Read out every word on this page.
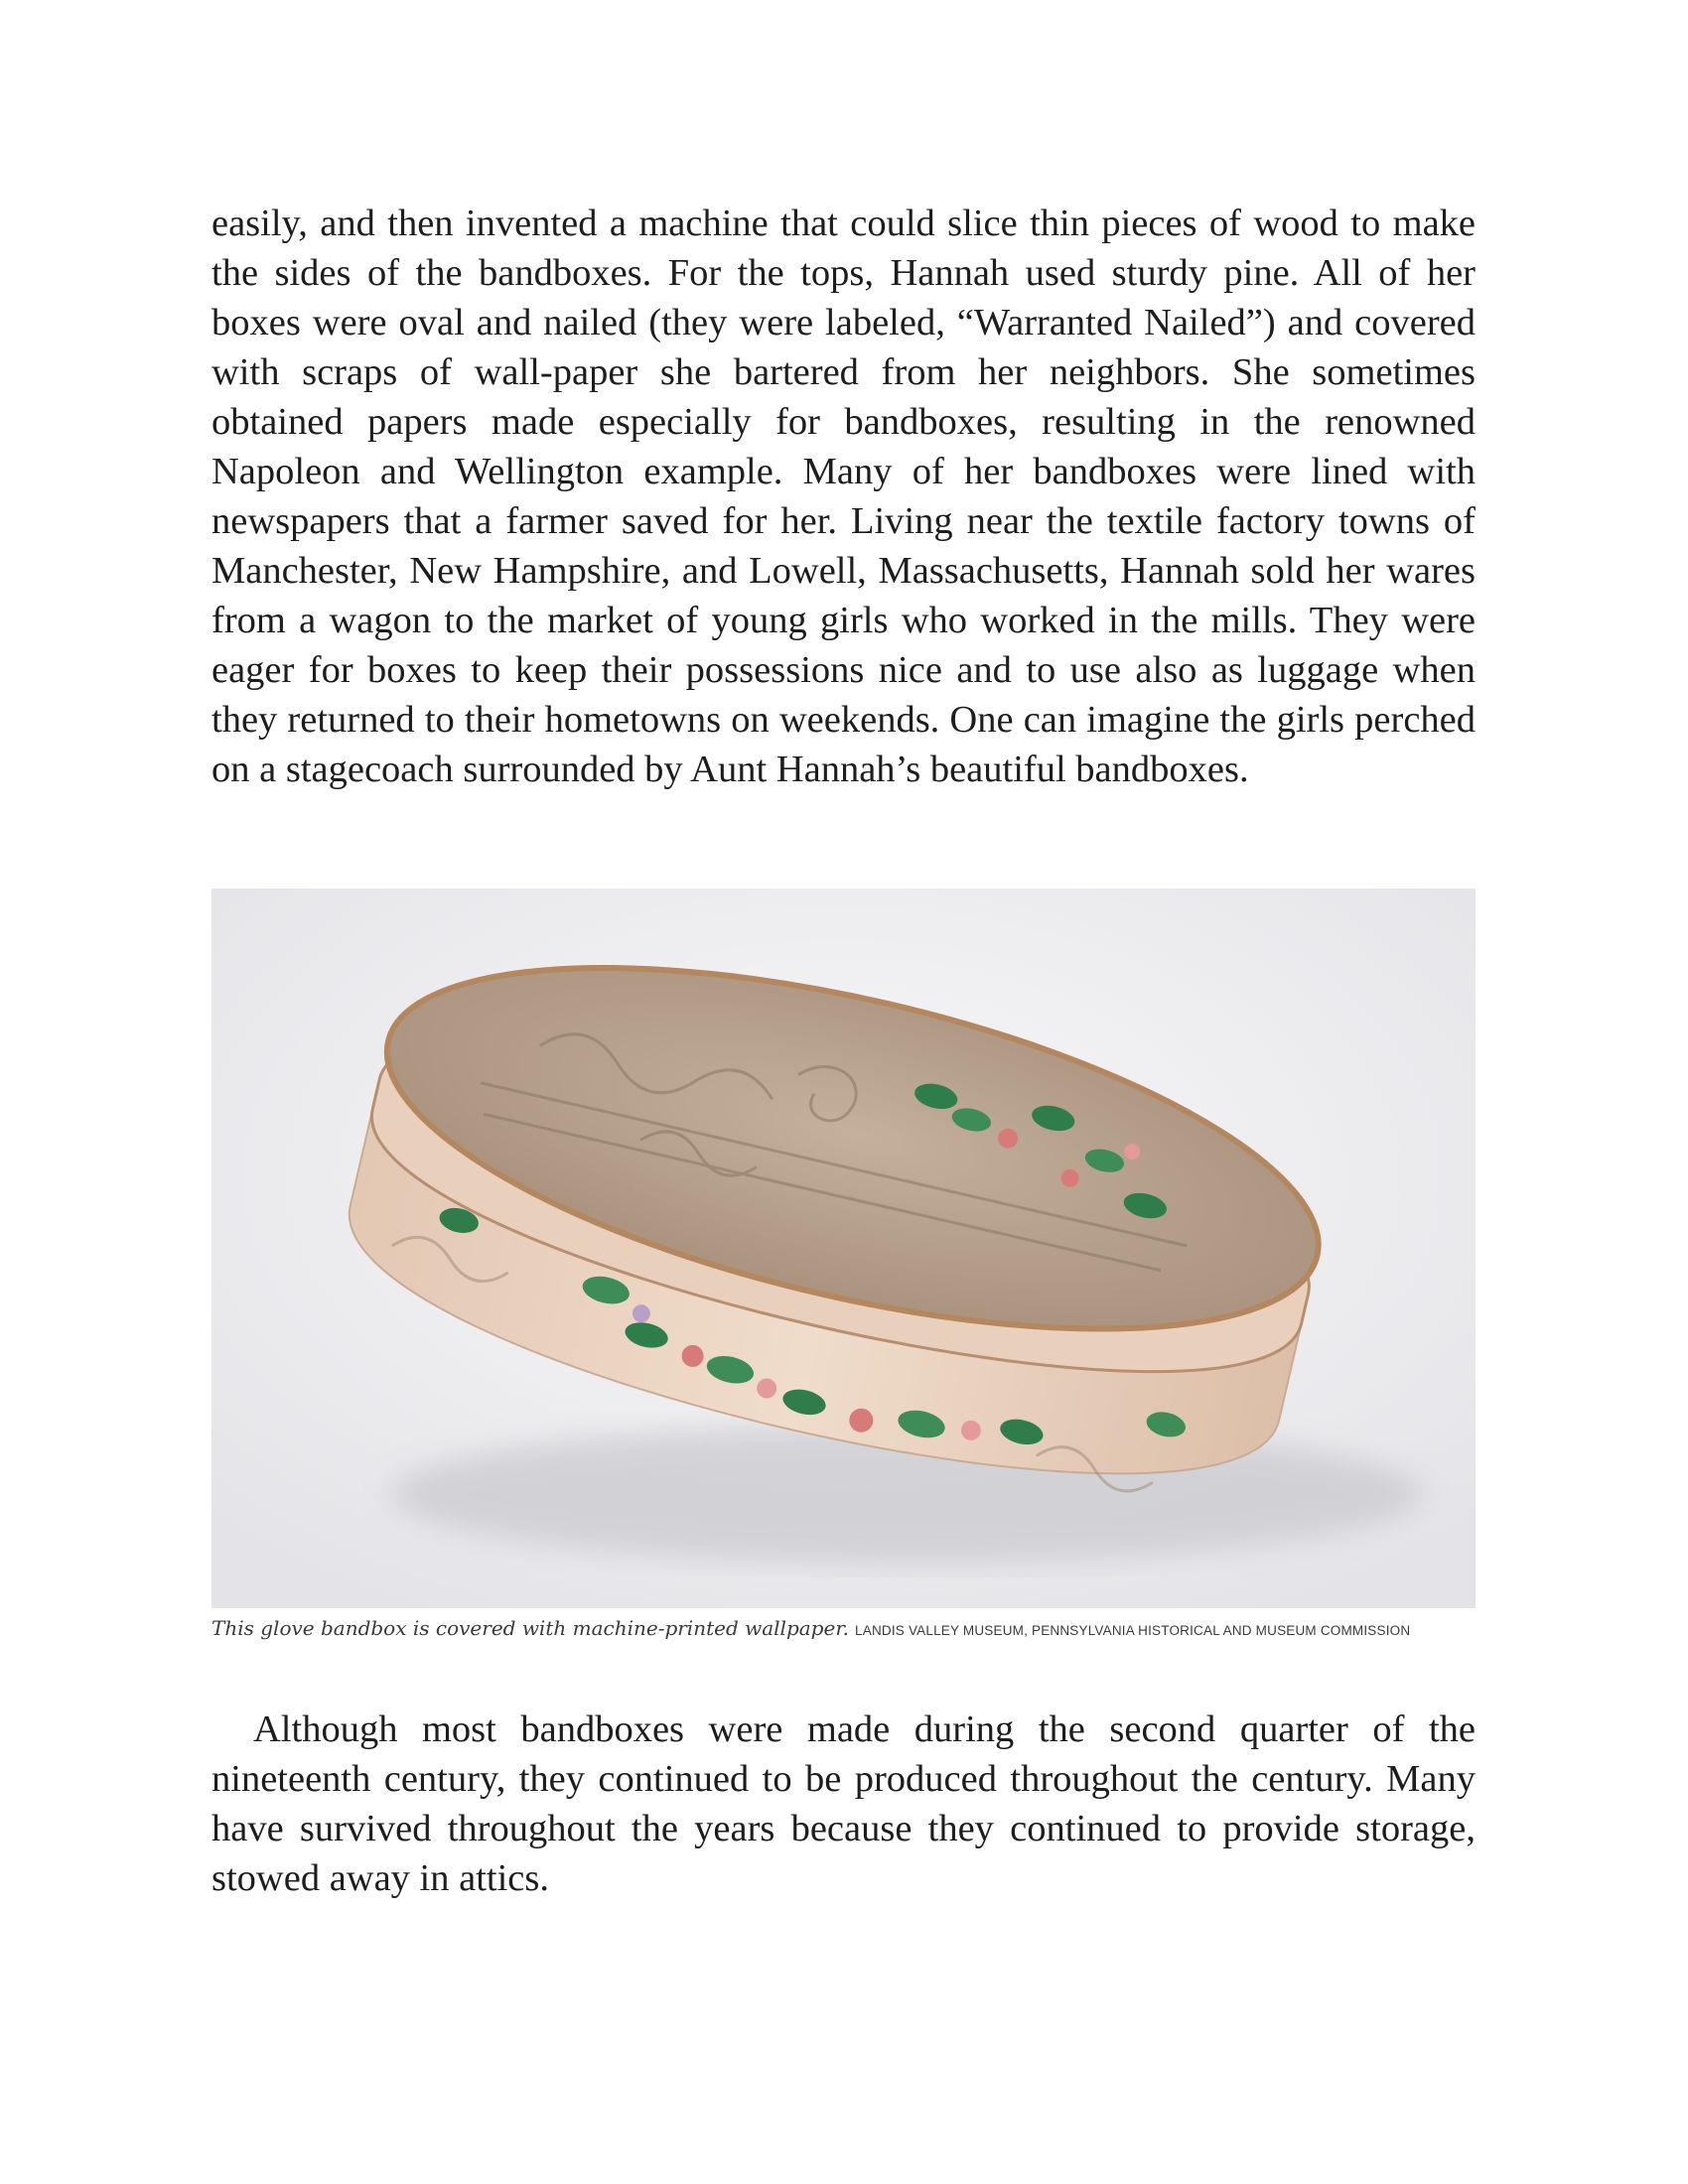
easily, and then invented a machine that could slice thin pieces of wood to make the sides of the bandboxes. For the tops, Hannah used sturdy pine. All of her boxes were oval and nailed (they were labeled, “Warranted Nailed”) and covered with scraps of wall-paper she bartered from her neighbors. She sometimes obtained papers made especially for bandboxes, resulting in the renowned Napoleon and Wellington example. Many of her bandboxes were lined with newspapers that a farmer saved for her. Living near the textile factory towns of Manchester, New Hampshire, and Lowell, Massachusetts, Hannah sold her wares from a wagon to the market of young girls who worked in the mills. They were eager for boxes to keep their possessions nice and to use also as luggage when they returned to their hometowns on weekends. One can imagine the girls perched on a stagecoach surrounded by Aunt Hannah’s beautiful bandboxes.

This glove bandbox is covered with machine-printed wallpaper. LANDIS VALLEY MUSEUM, PENNSYLVANIA HISTORICAL AND MUSEUM COMMISSION

Although most bandboxes were made during the second quarter of the nineteenth century, they continued to be produced throughout the century. Many have survived throughout the years because they continued to provide storage, stowed away in attics.
